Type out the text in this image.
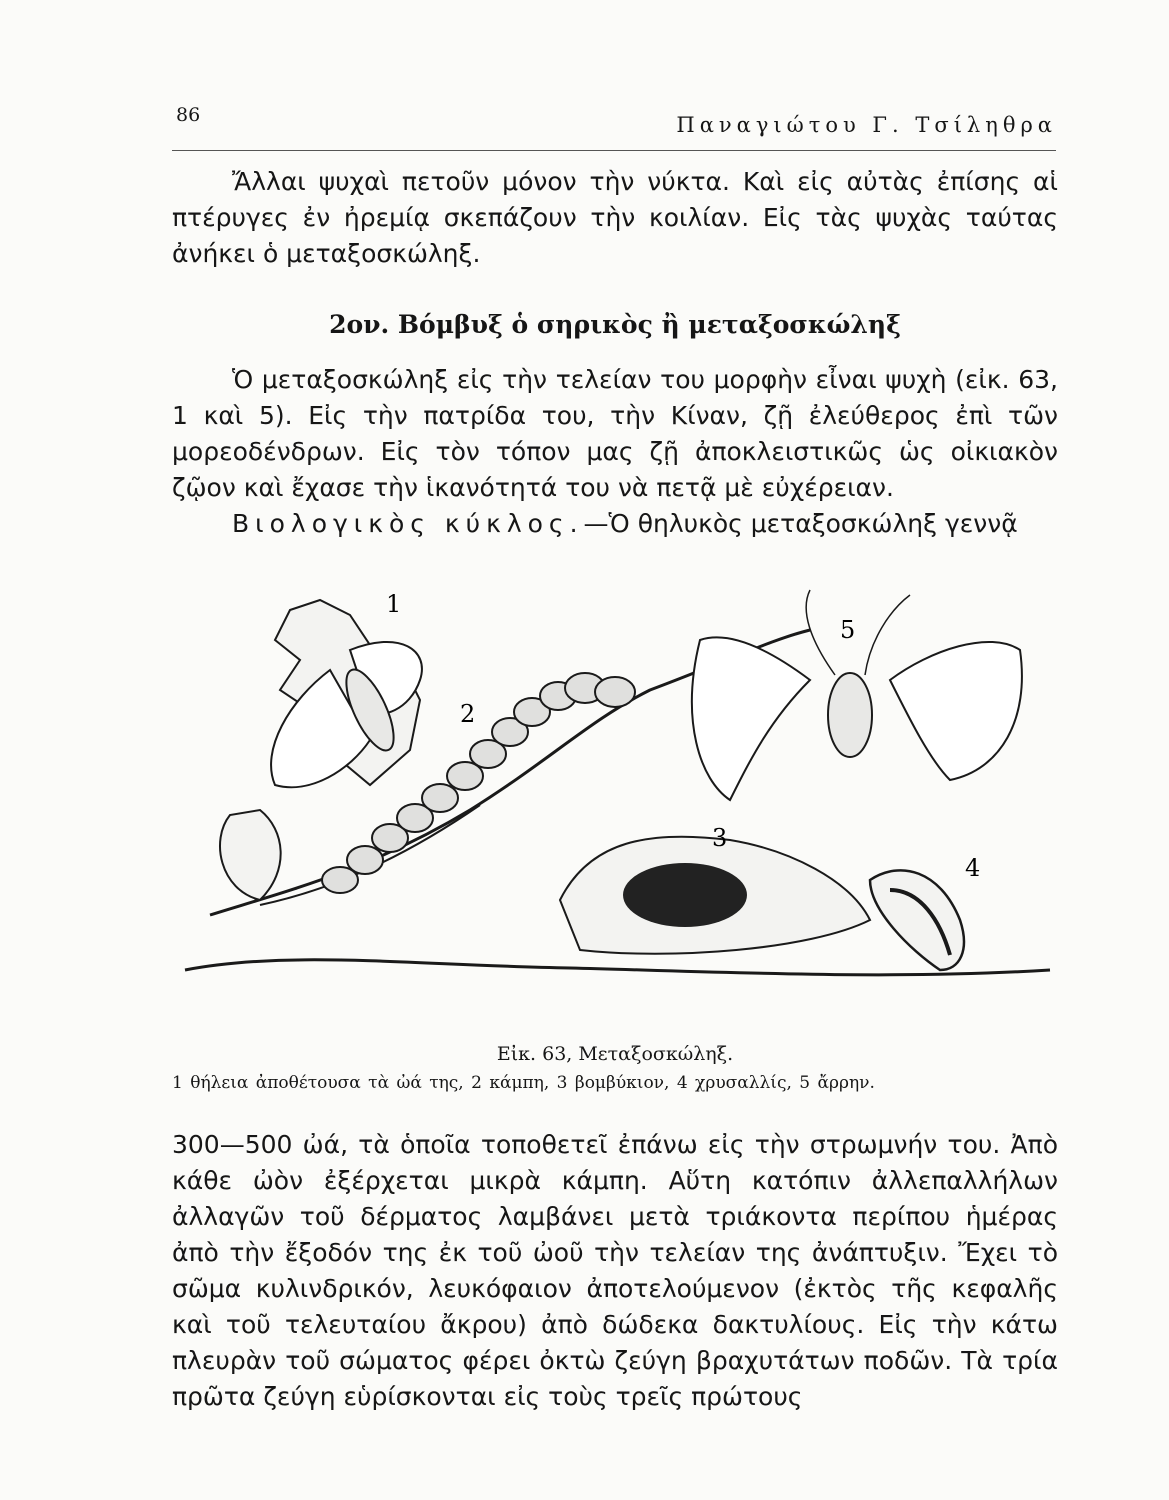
86	Παναγιώτου Γ. Τσίληθρα

Ἄλλαι ψυχαὶ πετοῦν μόνον τὴν νύκτα. Καὶ εἰς αὐτὰς ἐπίσης αἱ πτέρυγες ἐν ἠρεμίᾳ σκεπάζουν τὴν κοιλίαν. Εἰς τὰς ψυχὰς ταύτας ἀνήκει ὁ μεταξοσκώληξ.

2ον. Βόμβυξ ὁ σηρικὸς ἢ μεταξοσκώληξ

Ὁ μεταξοσκώληξ εἰς τὴν τελείαν του μορφὴν εἶναι ψυχὴ (εἰκ. 63, 1 καὶ 5). Εἰς τὴν πατρίδα του, τὴν Κίναν, ζῇ ἐλεύθερος ἐπὶ τῶν μορεοδένδρων. Εἰς τὸν τόπον μας ζῇ ἀποκλειστικῶς ὡς οἰκιακὸν ζῷον καὶ ἔχασε τὴν ἱκανότητά του νὰ πετᾷ μὲ εὐχέρειαν.

Βιολογικὸς κύκλος.—Ὁ θηλυκὸς μεταξοσκώληξ γεννᾷ

1
2
3
4
5
Εἰκ. 63, Μεταξοσκώληξ.
1 θήλεια ἀποθέτουσα τὰ ὠά της, 2 κάμπη, 3 βομβύκιον, 4 χρυσαλλίς, 5 ἄρρην.

300—500 ὠά, τὰ ὁποῖα τοποθετεῖ ἐπάνω εἰς τὴν στρωμνήν του. Ἀπὸ κάθε ὠὸν ἐξέρχεται μικρὰ κάμπη. Αὕτη κατόπιν ἀλλεπαλλήλων ἀλλαγῶν τοῦ δέρματος λαμβάνει μετὰ τριάκοντα περίπου ἡμέρας ἀπὸ τὴν ἔξοδόν της ἐκ τοῦ ὠοῦ τὴν τελείαν της ἀνάπτυξιν. Ἔχει τὸ σῶμα κυλινδρικόν, λευκόφαιον ἀποτελούμενον (ἐκτὸς τῆς κεφαλῆς καὶ τοῦ τελευταίου ἄκρου) ἀπὸ δώδεκα δακτυλίους. Εἰς τὴν κάτω πλευρὰν τοῦ σώματος φέρει ὀκτὼ ζεύγη βραχυτάτων ποδῶν. Τὰ τρία πρῶτα ζεύγη εὑρίσκονται εἰς τοὺς τρεῖς πρώτους
